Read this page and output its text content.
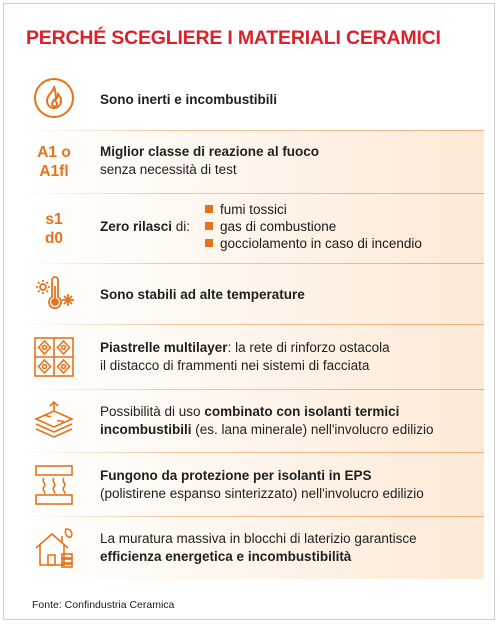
PERCHÉ SCEGLIERE I MATERIALI CERAMICI
Sono inerti e incombustibili
A1 o
A1fl
Miglior classe di reazione al fuoco
senza necessità di test
s1
d0
Zero rilasci di:
fumi tossici
gas di combustione
gocciolamento in caso di incendio
Sono stabili ad alte temperature
Piastrelle multilayer: la rete di rinforzo ostacola
il distacco di frammenti nei sistemi di facciata
Possibilità di uso combinato con isolanti termici
incombustibili (es. lana minerale) nell'involucro edilizio
Fungono da protezione per isolanti in EPS
(polistirene espanso sinterizzato) nell'involucro edilizio
La muratura massiva in blocchi di laterizio garantisce
efficienza energetica e incombustibilità
Fonte: Confindustria Ceramica
